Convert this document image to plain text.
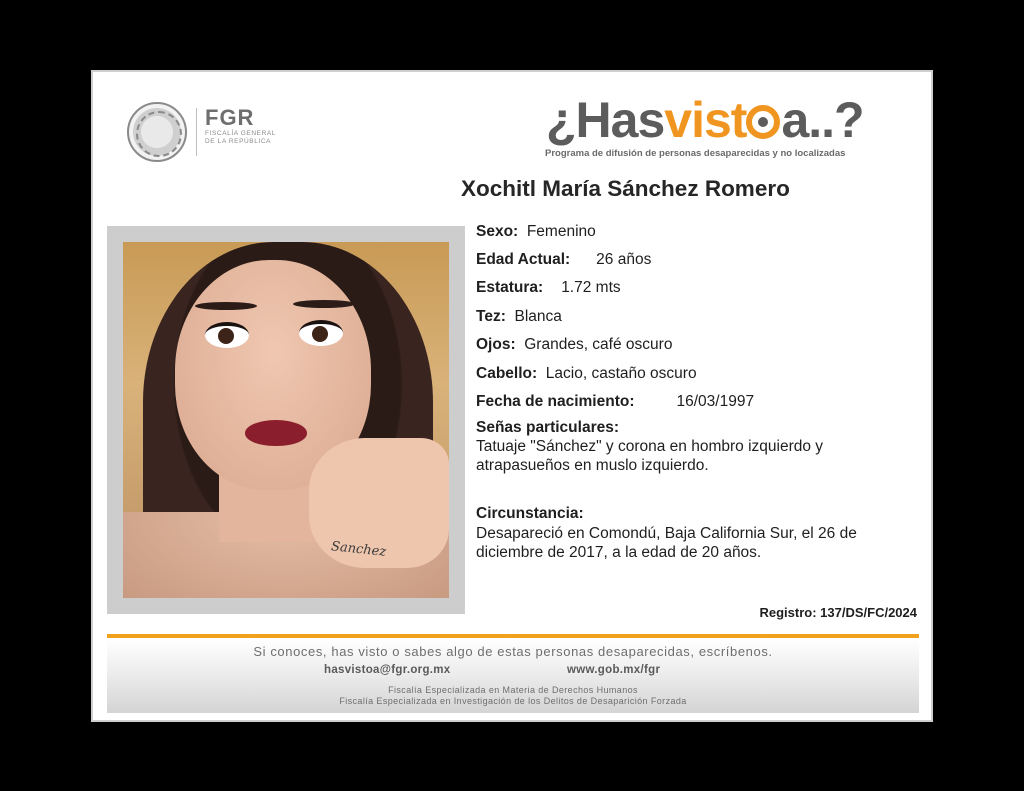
FGR
FISCALÍA GENERAL
DE LA REPÚBLICA	¿Hasvist a..?
Programa de difusión de personas desaparecidas y no localizadas
Xochitl María Sánchez Romero
Sanchez
Sexo: Femenino
Edad Actual: 26 años
Estatura: 1.72 mts
Tez: Blanca
Ojos: Grandes, café oscuro
Cabello: Lacio, castaño oscuro
Fecha de nacimiento:	16/03/1997
Señas particulares:
Tatuaje "Sánchez" y corona en hombro izquierdo y atrapasueños en muslo izquierdo.
Circunstancia:
Desapareció en Comondú, Baja California Sur, el 26 de diciembre de 2017, a la edad de 20 años.
Registro: 137/DS/FC/2024
Si conoces, has visto o sabes algo de estas personas desaparecidas, escríbenos.
hasvistoa@fgr.org.mx	www.gob.mx/fgr
Fiscalía Especializada en Materia de Derechos Humanos
Fiscalía Especializada en Investigación de los Delitos de Desaparición Forzada
